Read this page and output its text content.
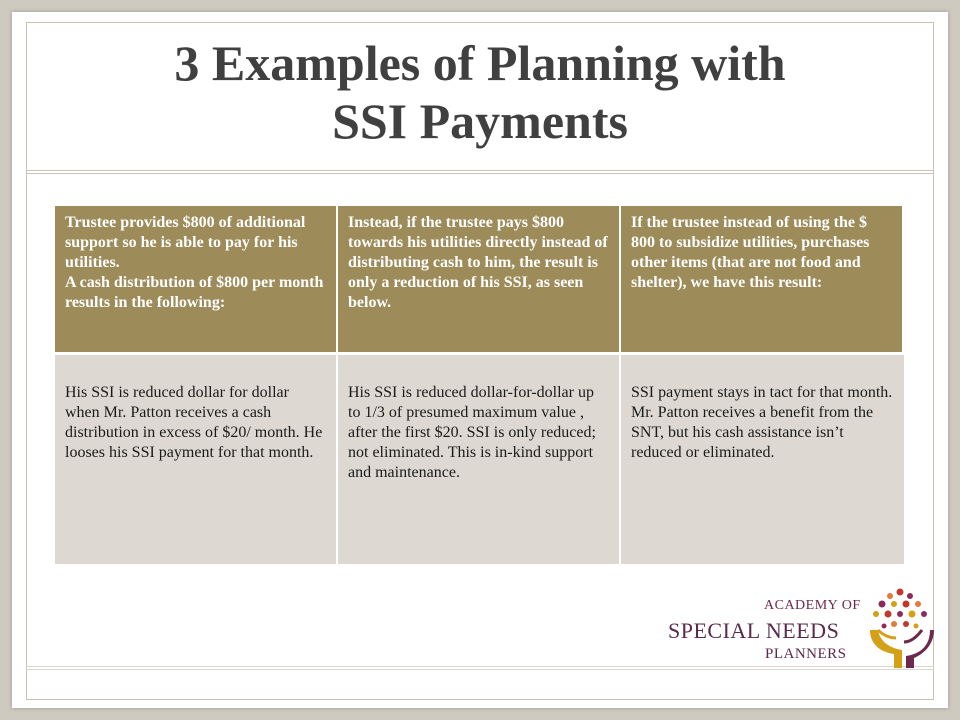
3 Examples of Planning with
SSI Payments

Trustee provides $800 of additional support so he is able to pay for his utilities.

A cash distribution of $800 per month results in the following:

Instead, if the trustee pays $800 towards his utilities directly instead of distributing cash to him, the result is only a reduction of his SSI, as seen below.

If the trustee instead of using the $ 800 to subsidize utilities, purchases other items (that are not food and shelter), we have this result:

His SSI is reduced dollar for dollar when Mr. Patton receives a cash distribution in excess of $20/ month. He looses his SSI payment for that month.

His SSI is reduced dollar-for-dollar up to 1/3 of presumed maximum value , after the first $20. SSI is only reduced; not eliminated. This is in-kind support and maintenance.

SSI payment stays in tact for that month. Mr. Patton receives a benefit from the SNT, but his cash assistance isn’t reduced or eliminated.

ACADEMY OF
SPECIAL NEEDS
PLANNERS
